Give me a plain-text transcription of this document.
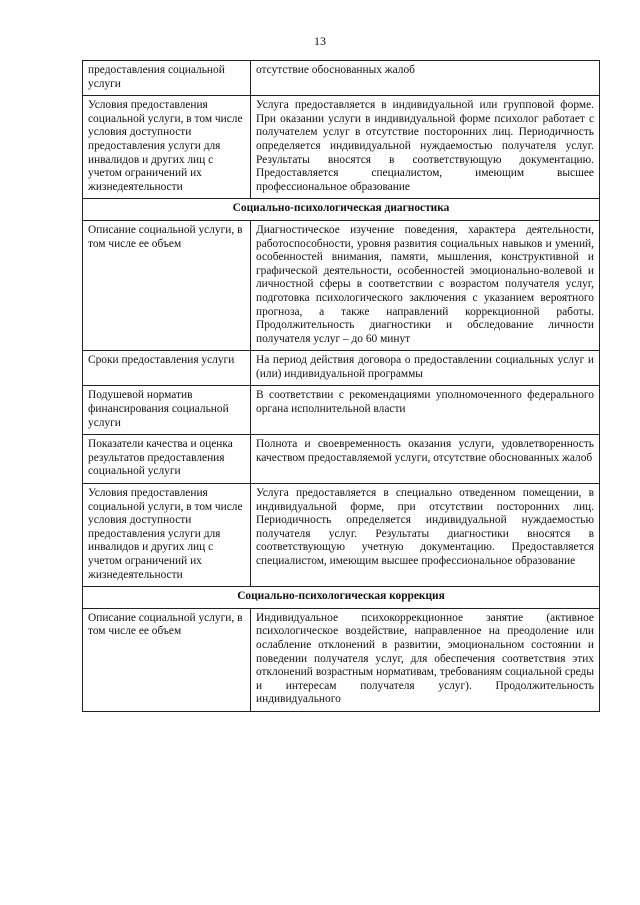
13
предоставления социальной услуги	отсутствие обоснованных жалоб
Условия предоставления социальной услуги, в том числе условия доступности предоставления услуги для инвалидов и других лиц с учетом ограничений их жизнедеятельности	Услуга предоставляется в индивидуальной или групповой форме. При оказании услуги в индивидуальной форме психолог работает с получателем услуг в отсутствие посторонних лиц. Периодичность определяется индивидуальной нуждаемостью получателя услуг. Результаты вносятся в соответствующую документацию. Предоставляется специалистом, имеющим высшее профессиональное образование
Социально-психологическая диагностика	
Описание социальной услуги, в том числе ее объем	Диагностическое изучение поведения, характера деятельности, работоспособности, уровня развития социальных навыков и умений, особенностей внимания, памяти, мышления, конструктивной и графической деятельности, особенностей эмоционально-волевой и личностной сферы в соответствии с возрастом получателя услуг, подготовка психологического заключения с указанием вероятного прогноза, а также направлений коррекционной работы. Продолжительность диагностики и обследование личности получателя услуг – до 60 минут
Сроки предоставления услуги	На период действия договора о предоставлении социальных услуг и (или) индивидуальной программы
Подушевой норматив финансирования социальной услуги	В соответствии с рекомендациями уполномоченного федерального органа исполнительной власти
Показатели качества и оценка результатов предоставления социальной услуги	Полнота и своевременность оказания услуги, удовлетворенность качеством предоставляемой услуги, отсутствие обоснованных жалоб
Условия предоставления социальной услуги, в том числе условия доступности предоставления услуги для инвалидов и других лиц с учетом ограничений их жизнедеятельности	Услуга предоставляется в специально отведенном помещении, в индивидуальной форме, при отсутствии посторонних лиц. Периодичность определяется индивидуальной нуждаемостью получателя услуг. Результаты диагностики вносятся в соответствующую учетную документацию. Предоставляется специалистом, имеющим высшее профессиональное образование
Социально-психологическая коррекция	
Описание социальной услуги, в том числе ее объем	Индивидуальное психокоррекционное занятие (активное психологическое воздействие, направленное на преодоление или ослабление отклонений в развитии, эмоциональном состоянии и поведении получателя услуг, для обеспечения соответствия этих отклонений возрастным нормативам, требованиям социальной среды и интересам получателя услуг). Продолжительность индивидуального
